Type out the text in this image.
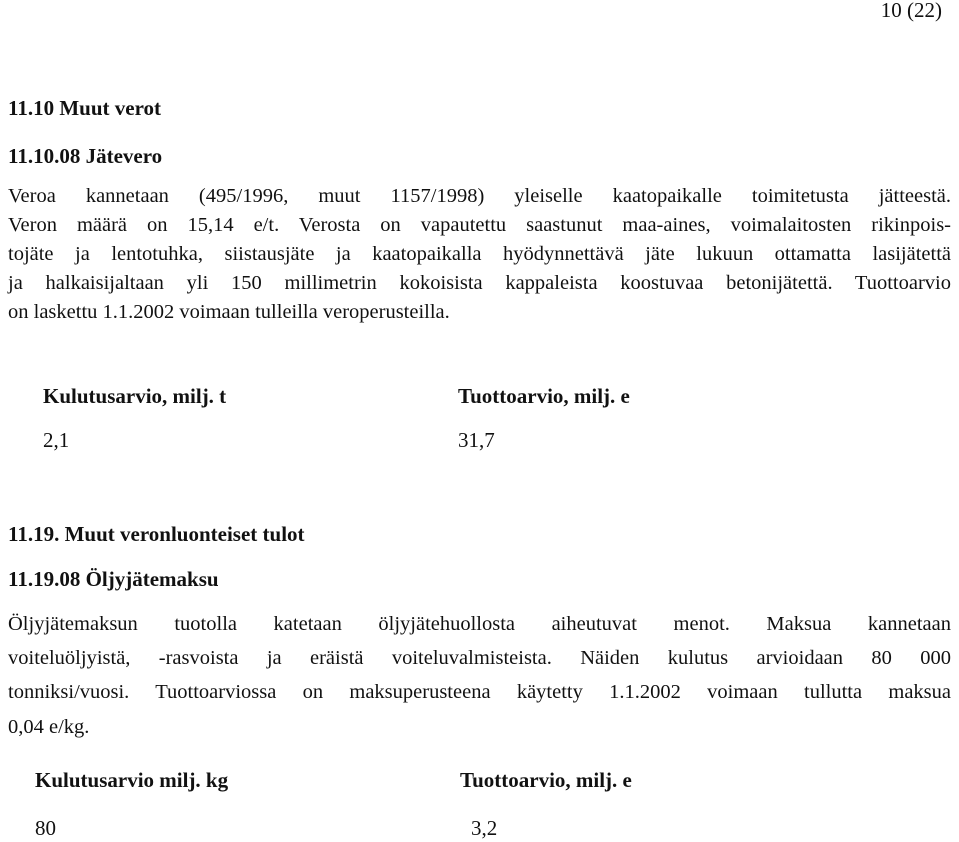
10 (22)
11.10 Muut verot
11.10.08 Jätevero
Veroa kannetaan (495/1996, muut 1157/1998) yleiselle kaatopaikalle toimitetusta jätteestä.
Veron määrä on 15,14 e/t. Verosta on vapautettu saastunut maa-aines, voimalaitosten rikinpois-
tojäte ja lentotuhka, siistausjäte ja kaatopaikalla hyödynnettävä jäte lukuun ottamatta lasijätettä
ja halkaisijaltaan yli 150 millimetrin kokoisista kappaleista koostuvaa betonijätettä. Tuottoarvio
on laskettu 1.1.2002 voimaan tulleilla veroperusteilla.
Kulutusarvio, milj. t	Tuottoarvio, milj. e
2,1	31,7
11.19. Muut veronluonteiset tulot
11.19.08 Öljyjätemaksu
Öljyjätemaksun tuotolla katetaan öljyjätehuollosta aiheutuvat menot. Maksua kannetaan
voiteluöljyistä, -rasvoista ja eräistä voiteluvalmisteista. Näiden kulutus arvioidaan 80 000
tonniksi/vuosi. Tuottoarviossa on maksuperusteena käytetty 1.1.2002 voimaan tullutta maksua
0,04 e/kg.
Kulutusarvio milj. kg	Tuottoarvio, milj. e
80	3,2
